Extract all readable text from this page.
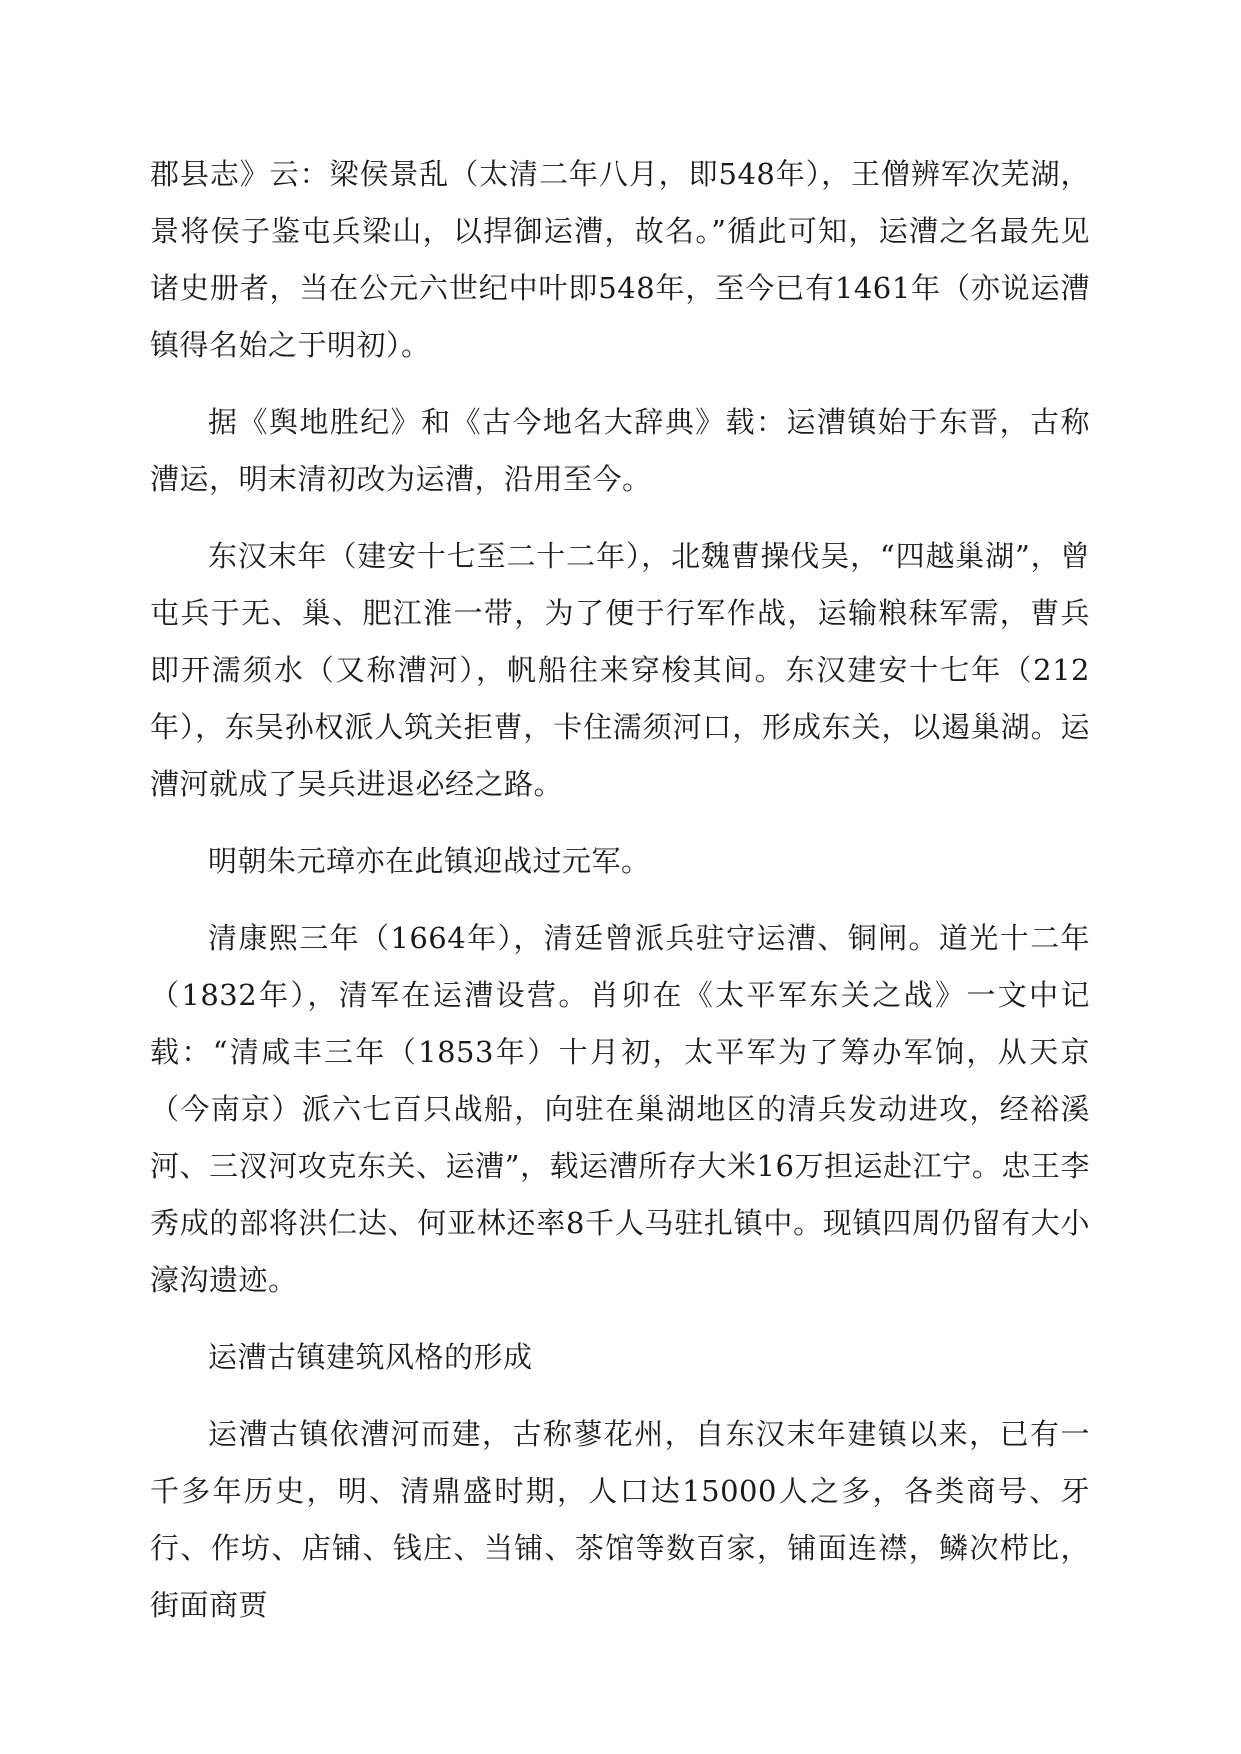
郡县志》云：梁侯景乱（太清二年八月，即548年），王僧辨军次芜湖，景将侯子鉴屯兵梁山，以捍御运漕，故名。”循此可知，运漕之名最先见诸史册者，当在公元六世纪中叶即548年，至今已有1461年（亦说运漕镇得名始之于明初）。

据《舆地胜纪》和《古今地名大辞典》载：运漕镇始于东晋，古称漕运，明末清初改为运漕，沿用至今。

东汉末年（建安十七至二十二年），北魏曹操伐吴，“四越巢湖”，曾屯兵于无、巢、肥江淮一带，为了便于行军作战，运输粮秣军需，曹兵即开濡须水（又称漕河），帆船往来穿梭其间。东汉建安十七年（212年），东吴孙权派人筑关拒曹，卡住濡须河口，形成东关，以遏巢湖。运漕河就成了吴兵进退必经之路。

明朝朱元璋亦在此镇迎战过元军。

清康熙三年（1664年），清廷曾派兵驻守运漕、铜闸。道光十二年（1832年），清军在运漕设营。肖卯在《太平军东关之战》一文中记载：“清咸丰三年（1853年）十月初，太平军为了筹办军饷，从天京（今南京）派六七百只战船，向驻在巢湖地区的清兵发动进攻，经裕溪河、三汊河攻克东关、运漕”，载运漕所存大米16万担运赴江宁。忠王李秀成的部将洪仁达、何亚林还率8千人马驻扎镇中。现镇四周仍留有大小濠沟遗迹。

运漕古镇建筑风格的形成

运漕古镇依漕河而建，古称蓼花州，自东汉末年建镇以来，已有一千多年历史，明、清鼎盛时期，人口达15000人之多，各类商号、牙行、作坊、店铺、钱庄、当铺、茶馆等数百家，铺面连襟，鳞次栉比，街面商贾
